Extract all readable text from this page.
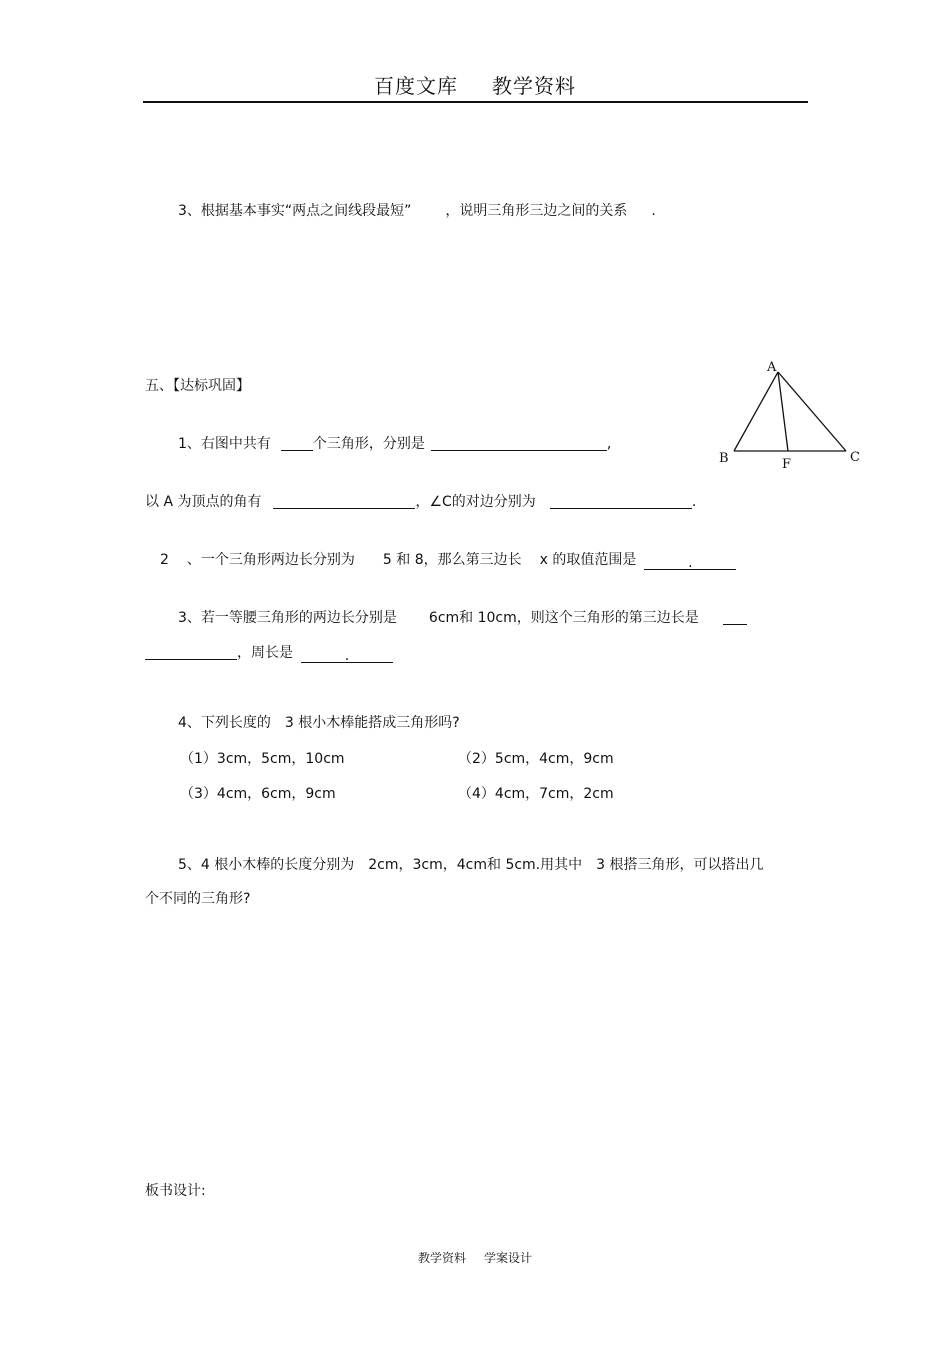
百度文库 教学资料
3、根据基本事实“两点之间线段最短” ，说明三角形三边之间的关系 .
五、【达标巩固】
A
B	F	C
1、右图中共有	个三角形，分别是	,
以 A 为顶点的角有	，∠C的对边分别为	.
2 、一个三角形两边长分别为 5 和 8，那么第三边长 x 的取值范围是	.
3、若一等腰三角形的两边长分别是 6cm和 10cm，则这个三角形的第三边长是
，周长是	.
4、下列长度的　3 根小木棒能搭成三角形吗?
（1）3cm，5cm，10cm	（2）5cm，4cm，9cm
（3）4cm，6cm，9cm	（4）4cm，7cm，2cm
5、4 根小木棒的长度分别为　2cm，3cm，4cm和 5cm.用其中　3 根搭三角形，可以搭出几
个不同的三角形?
板书设计:
教学资料 学案设计
